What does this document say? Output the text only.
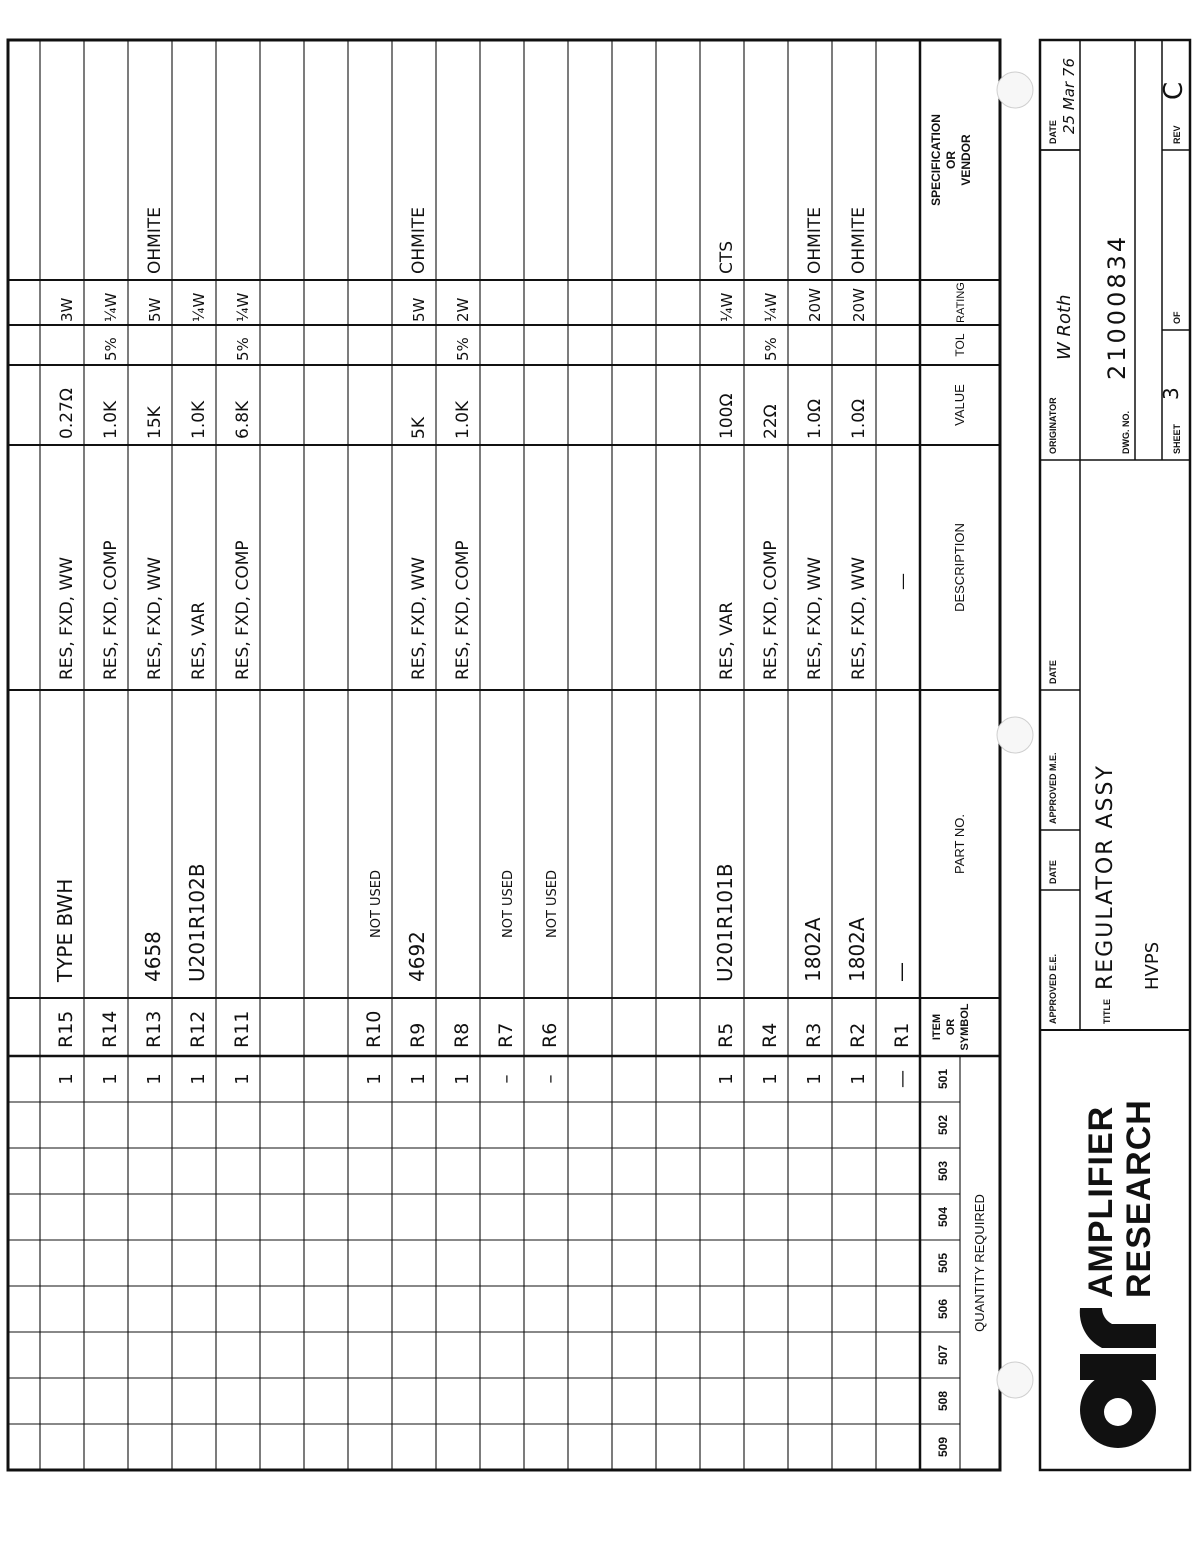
509
508
507
506
505
504
503
502
501
QUANTITY REQUIRED
ITEM OR SYMBOL
PART NO.
DESCRIPTION
VALUE
TOL
RATING
SPECIFICATION OR VENDOR
—
R1
—
—
1
R2
1802A
RES, FXD, WW
1.0Ω
20W
OHMITE
1
R3
1802A
RES, FXD, WW
1.0Ω
20W
OHMITE
1
R4
RES, FXD, COMP
22Ω
5%
¼W
1
R5
U201R101B
RES, VAR
100Ω
¼W
CTS
–
R6
NOT USED
–
R7
NOT USED
1
R8
RES, FXD, COMP
1.0K
5%
2W
1
R9
4692
RES, FXD, WW
5K
5W
OHMITE
1
R10
NOT USED
1
R11
RES, FXD, COMP
6.8K
5%
¼W
1
R12
U201R102B
RES, VAR
1.0K
¼W
1
R13
4658
RES, FXD, WW
15K
5W
OHMITE
1
R14
RES, FXD, COMP
1.0K
5%
¼W
1
R15
TYPE BWH
RES, FXD, WW
0.27Ω
3W
AMPLIFIER RESEARCH
APPROVED E.E.
DATE
APPROVED M.E.
DATE
ORIGINATOR
W Roth
DATE 25 Mar 76
TITLE
REGULATOR ASSY HVPS
DWG. NO.
21000834
SHEET
3
OF
REV
C
